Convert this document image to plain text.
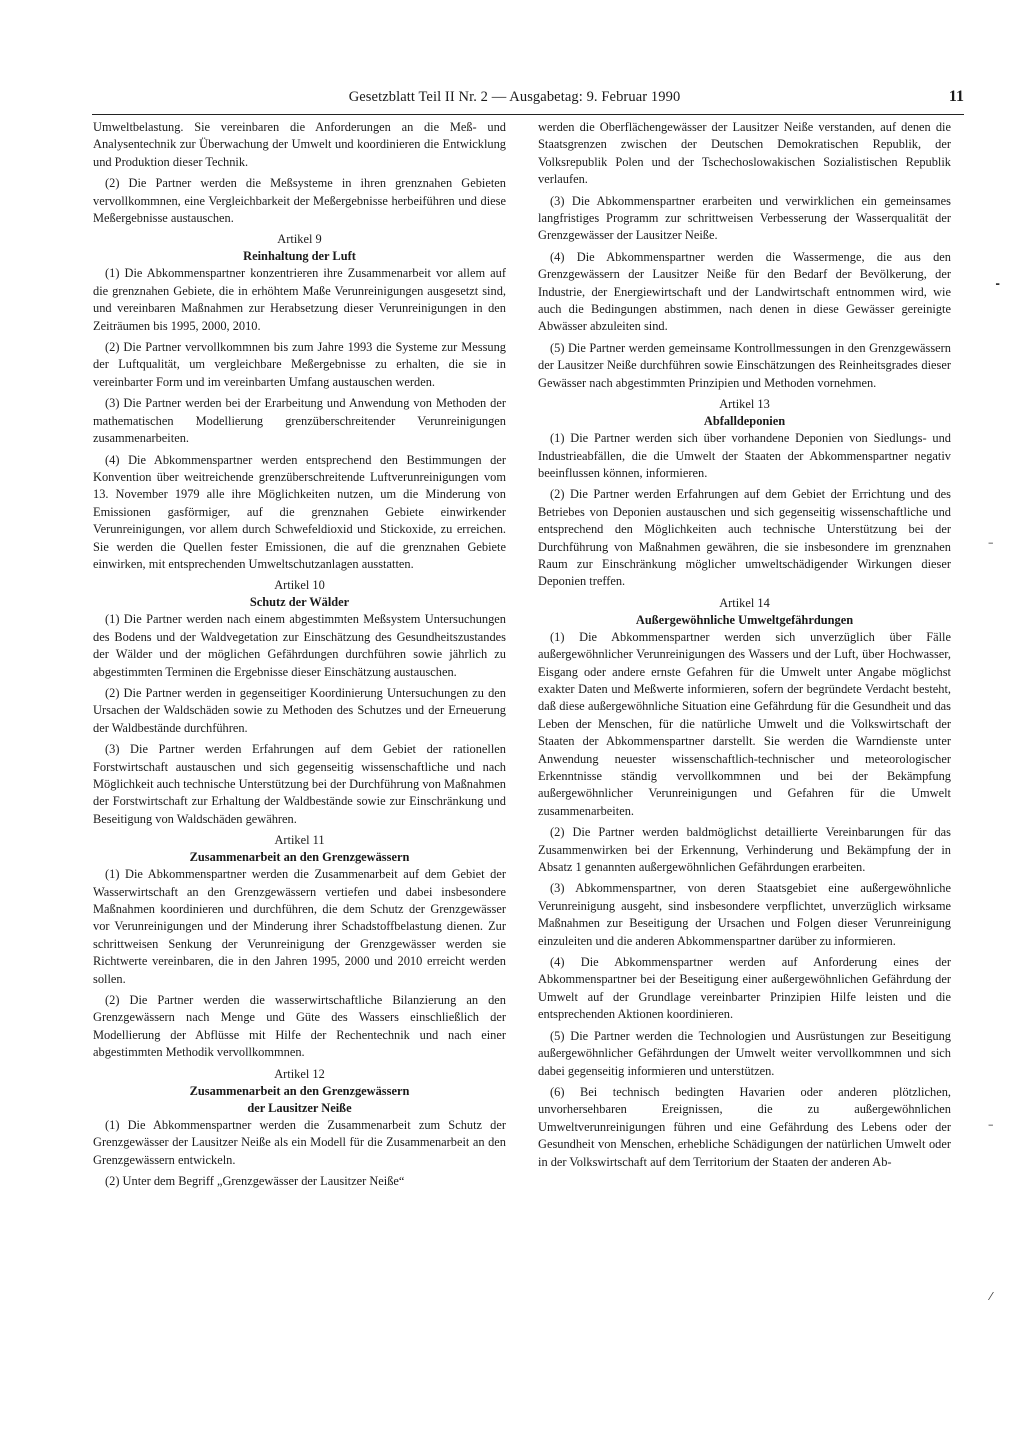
Gesetzblatt Teil II Nr. 2 — Ausgabetag: 9. Februar 1990	11

Umweltbelastung. Sie vereinbaren die Anforderungen an die Meß- und Analysentechnik zur Überwachung der Umwelt und koordinieren die Entwicklung und Produktion dieser Technik.

(2) Die Partner werden die Meßsysteme in ihren grenznahen Gebieten vervollkommnen, eine Vergleichbarkeit der Meßergebnisse herbeiführen und diese Meßergebnisse austauschen.

Artikel 9
Reinhaltung der Luft

(1) Die Abkommenspartner konzentrieren ihre Zusammenarbeit vor allem auf die grenznahen Gebiete, die in erhöhtem Maße Verunreinigungen ausgesetzt sind, und vereinbaren Maßnahmen zur Herabsetzung dieser Verunreinigungen in den Zeiträumen bis 1995, 2000, 2010.

(2) Die Partner vervollkommnen bis zum Jahre 1993 die Systeme zur Messung der Luftqualität, um vergleichbare Meßergebnisse zu erhalten, die sie in vereinbarter Form und im vereinbarten Umfang austauschen werden.

(3) Die Partner werden bei der Erarbeitung und Anwendung von Methoden der mathematischen Modellierung grenzüberschreitender Verunreinigungen zusammenarbeiten.

(4) Die Abkommenspartner werden entsprechend den Bestimmungen der Konvention über weitreichende grenzüberschreitende Luftverunreinigungen vom 13. November 1979 alle ihre Möglichkeiten nutzen, um die Minderung von Emissionen gasförmiger, auf die grenznahen Gebiete einwirkender Verunreinigungen, vor allem durch Schwefeldioxid und Stickoxide, zu erreichen. Sie werden die Quellen fester Emissionen, die auf die grenznahen Gebiete einwirken, mit entsprechenden Umweltschutzanlagen ausstatten.

Artikel 10
Schutz der Wälder

(1) Die Partner werden nach einem abgestimmten Meßsystem Untersuchungen des Bodens und der Waldvegetation zur Einschätzung des Gesundheitszustandes der Wälder und der möglichen Gefährdungen durchführen sowie jährlich zu abgestimmten Terminen die Ergebnisse dieser Einschätzung austauschen.

(2) Die Partner werden in gegenseitiger Koordinierung Untersuchungen zu den Ursachen der Waldschäden sowie zu Methoden des Schutzes und der Erneuerung der Waldbestände durchführen.

(3) Die Partner werden Erfahrungen auf dem Gebiet der rationellen Forstwirtschaft austauschen und sich gegenseitig wissenschaftliche und nach Möglichkeit auch technische Unterstützung bei der Durchführung von Maßnahmen der Forstwirtschaft zur Erhaltung der Waldbestände sowie zur Einschränkung und Beseitigung von Waldschäden gewähren.

Artikel 11
Zusammenarbeit an den Grenzgewässern

(1) Die Abkommenspartner werden die Zusammenarbeit auf dem Gebiet der Wasserwirtschaft an den Grenzgewässern vertiefen und dabei insbesondere Maßnahmen koordinieren und durchführen, die dem Schutz der Grenzgewässer vor Verunreinigungen und der Minderung ihrer Schadstoffbelastung dienen. Zur schrittweisen Senkung der Verunreinigung der Grenzgewässer werden sie Richtwerte vereinbaren, die in den Jahren 1995, 2000 und 2010 erreicht werden sollen.

(2) Die Partner werden die wasserwirtschaftliche Bilanzierung an den Grenzgewässern nach Menge und Güte des Wassers einschließlich der Modellierung der Abflüsse mit Hilfe der Rechentechnik und nach einer abgestimmten Methodik vervollkommnen.

Artikel 12
Zusammenarbeit an den Grenzgewässern
der Lausitzer Neiße

(1) Die Abkommenspartner werden die Zusammenarbeit zum Schutz der Grenzgewässer der Lausitzer Neiße als ein Modell für die Zusammenarbeit an den Grenzgewässern entwickeln.

(2) Unter dem Begriff „Grenzgewässer der Lausitzer Neiße“

werden die Oberflächengewässer der Lausitzer Neiße verstanden, auf denen die Staatsgrenzen zwischen der Deutschen Demokratischen Republik, der Volksrepublik Polen und der Tschechoslowakischen Sozialistischen Republik verlaufen.

(3) Die Abkommenspartner erarbeiten und verwirklichen ein gemeinsames langfristiges Programm zur schrittweisen Verbesserung der Wasserqualität der Grenzgewässer der Lausitzer Neiße.

(4) Die Abkommenspartner werden die Wassermenge, die aus den Grenzgewässern der Lausitzer Neiße für den Bedarf der Bevölkerung, der Industrie, der Energiewirtschaft und der Landwirtschaft entnommen wird, wie auch die Bedingungen abstimmen, nach denen in diese Gewässer gereinigte Abwässer abzuleiten sind.

(5) Die Partner werden gemeinsame Kontrollmessungen in den Grenzgewässern der Lausitzer Neiße durchführen sowie Einschätzungen des Reinheitsgrades dieser Gewässer nach abgestimmten Prinzipien und Methoden vornehmen.

Artikel 13
Abfalldeponien

(1) Die Partner werden sich über vorhandene Deponien von Siedlungs- und Industrieabfällen, die die Umwelt der Staaten der Abkommenspartner negativ beeinflussen können, informieren.

(2) Die Partner werden Erfahrungen auf dem Gebiet der Errichtung und des Betriebes von Deponien austauschen und sich gegenseitig wissenschaftliche und entsprechend den Möglichkeiten auch technische Unterstützung bei der Durchführung von Maßnahmen gewähren, die sie insbesondere im grenznahen Raum zur Einschränkung möglicher umweltschädigender Wirkungen dieser Deponien treffen.

Artikel 14
Außergewöhnliche Umweltgefährdungen

(1) Die Abkommenspartner werden sich unverzüglich über Fälle außergewöhnlicher Verunreinigungen des Wassers und der Luft, über Hochwasser, Eisgang oder andere ernste Gefahren für die Umwelt unter Angabe möglichst exakter Daten und Meßwerte informieren, sofern der begründete Verdacht besteht, daß diese außergewöhnliche Situation eine Gefährdung für die Gesundheit und das Leben der Menschen, für die natürliche Umwelt und die Volkswirtschaft der Staaten der Abkommenspartner darstellt. Sie werden die Warndienste unter Anwendung neuester wissenschaftlich-technischer und meteorologischer Erkenntnisse ständig vervollkommnen und bei der Bekämpfung außergewöhnlicher Verunreinigungen und Gefahren für die Umwelt zusammenarbeiten.

(2) Die Partner werden baldmöglichst detaillierte Vereinbarungen für das Zusammenwirken bei der Erkennung, Verhinderung und Bekämpfung der in Absatz 1 genannten außergewöhnlichen Gefährdungen erarbeiten.

(3) Abkommenspartner, von deren Staatsgebiet eine außergewöhnliche Verunreinigung ausgeht, sind insbesondere verpflichtet, unverzüglich wirksame Maßnahmen zur Beseitigung der Ursachen und Folgen dieser Verunreinigung einzuleiten und die anderen Abkommenspartner darüber zu informieren.

(4) Die Abkommenspartner werden auf Anforderung eines der Abkommenspartner bei der Beseitigung einer außergewöhnlichen Gefährdung der Umwelt auf der Grundlage vereinbarter Prinzipien Hilfe leisten und die entsprechenden Aktionen koordinieren.

(5) Die Partner werden die Technologien und Ausrüstungen zur Beseitigung außergewöhnlicher Gefährdungen der Umwelt weiter vervollkommnen und sich dabei gegenseitig informieren und unterstützen.

(6) Bei technisch bedingten Havarien oder anderen plötzlichen, unvorhersehbaren Ereignissen, die zu außergewöhnlichen Umweltverunreinigungen führen und eine Gefährdung des Lebens oder der Gesundheit von Menschen, erhebliche Schädigungen der natürlichen Umwelt oder in der Volkswirtschaft auf dem Territorium der Staaten der anderen Ab-

╸
–
–
⁄
